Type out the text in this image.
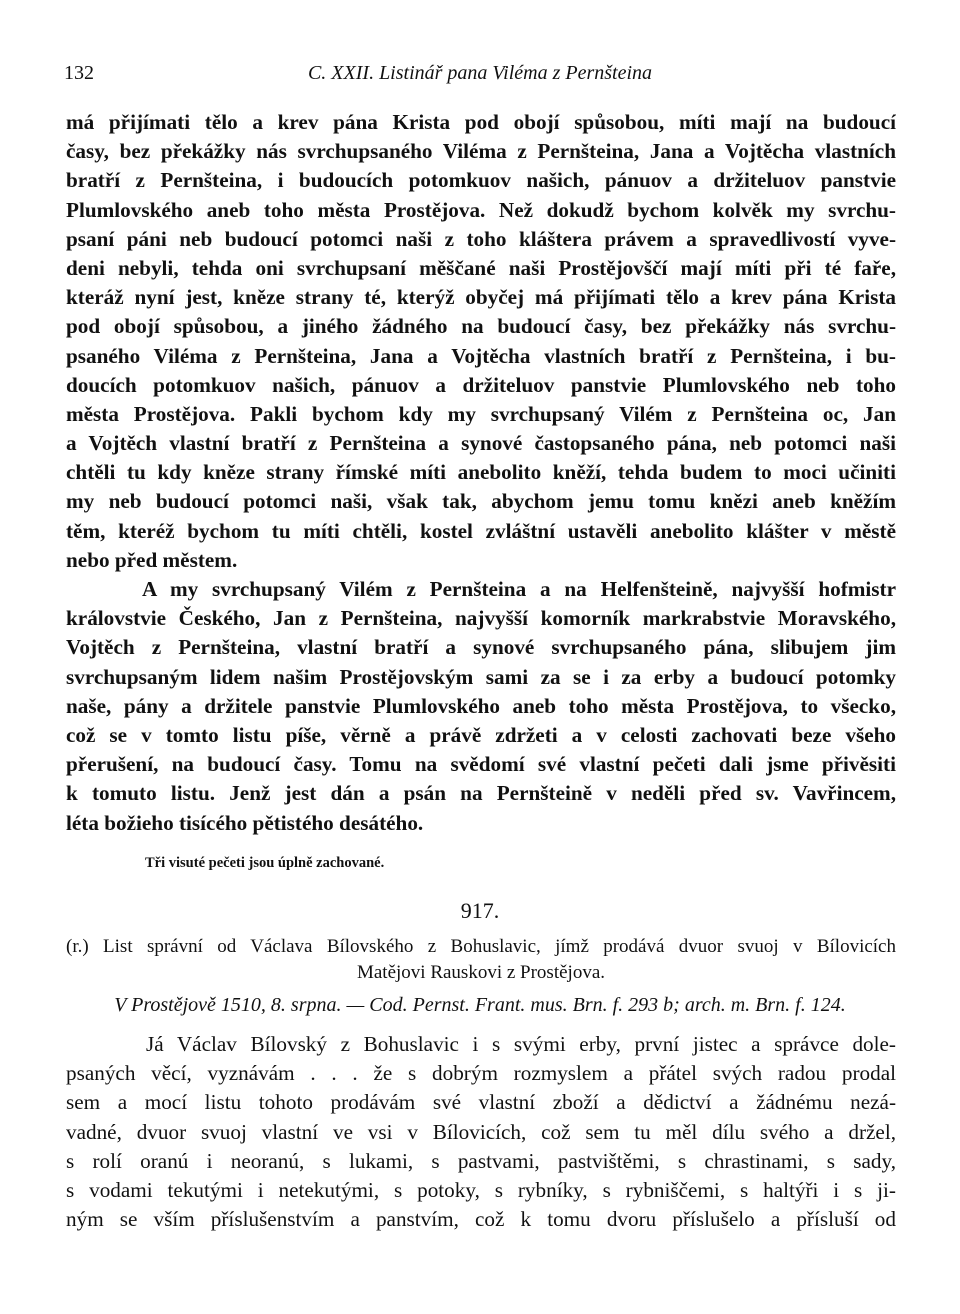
132	C. XXII. Listinář pana Viléma z Pernšteina
má přijímati tělo a krev pána Krista pod obojí spůsobou, míti mají na budoucí
časy, bez překážky nás svrchupsaného Viléma z Pernšteina, Jana a Vojtěcha vlastních
bratří z Pernšteina, i budoucích potomkuov našich, pánuov a držiteluov panstvie
Plumlovského aneb toho města Prostějova. Než dokudž bychom kolvěk my svrchu-
psaní páni neb budoucí potomci naši z toho kláštera právem a spravedlivostí vyve-
deni nebyli, tehda oni svrchupsaní měščané naši Prostějovščí mají míti při té faře,
kteráž nyní jest, kněze strany té, kterýž obyčej má přijímati tělo a krev pána Krista
pod obojí spůsobou, a jiného žádného na budoucí časy, bez překážky nás svrchu-
psaného Viléma z Pernšteina, Jana a Vojtěcha vlastních bratří z Pernšteina, i bu-
doucích potomkuov našich, pánuov a držiteluov panstvie Plumlovského neb toho
města Prostějova. Pakli bychom kdy my svrchupsaný Vilém z Pernšteina oc, Jan
a Vojtěch vlastní bratří z Pernšteina a synové častopsaného pána, neb potomci naši
chtěli tu kdy kněze strany římské míti anebolito kněží, tehda budem to moci učiniti
my neb budoucí potomci naši, však tak, abychom jemu tomu knězi aneb kněžím
těm, kteréž bychom tu míti chtěli, kostel zvláštní ustavěli anebolito klášter v městě
nebo před městem.
A my svrchupsaný Vilém z Pernšteina a na Helfenšteině, najvyšší hofmistr
královstvie Českého, Jan z Pernšteina, najvyšší komorník markrabstvie Moravského,
Vojtěch z Pernšteina, vlastní bratří a synové svrchupsaného pána, slibujem jim
svrchupsaným lidem našim Prostějovským sami za se i za erby a budoucí potomky
naše, pány a držitele panstvie Plumlovského aneb toho města Prostějova, to všecko,
což se v tomto listu píše, věrně a právě zdržeti a v celosti zachovati beze všeho
přerušení, na budoucí časy. Tomu na svědomí své vlastní pečeti dali jsme přivěsiti
k tomuto listu. Jenž jest dán a psán na Pernšteině v neděli před sv. Vavřincem,
léta božieho tisícého pětistého desátého.
Tři visuté pečeti jsou úplně zachované.
917.
(r.) List správní od Václava Bílovského z Bohuslavic, jímž prodává dvuor svuoj v Bílovicích
Matějovi Rauskovi z Prostějova.
V Prostějově 1510, 8. srpna. — Cod. Pernst. Frant. mus. Brn. f. 293 b; arch. m. Brn. f. 124.
Já Václav Bílovský z Bohuslavic i s svými erby, první jistec a správce dole-
psaných věcí, vyznávám . . . že s dobrým rozmyslem a přátel svých radou prodal
sem a mocí listu tohoto prodávám své vlastní zboží a dědictví a žádnému nezá-
vadné, dvuor svuoj vlastní ve vsi v Bílovicích, což sem tu měl dílu svého a držel,
s rolí oranú i neoranú, s lukami, s pastvami, pastvištěmi, s chrastinami, s sady,
s vodami tekutými i netekutými, s potoky, s rybníky, s rybniščemi, s haltýři i s ji-
ným se vším příslušenstvím a panstvím, což k tomu dvoru příslušelo a přísluší od
